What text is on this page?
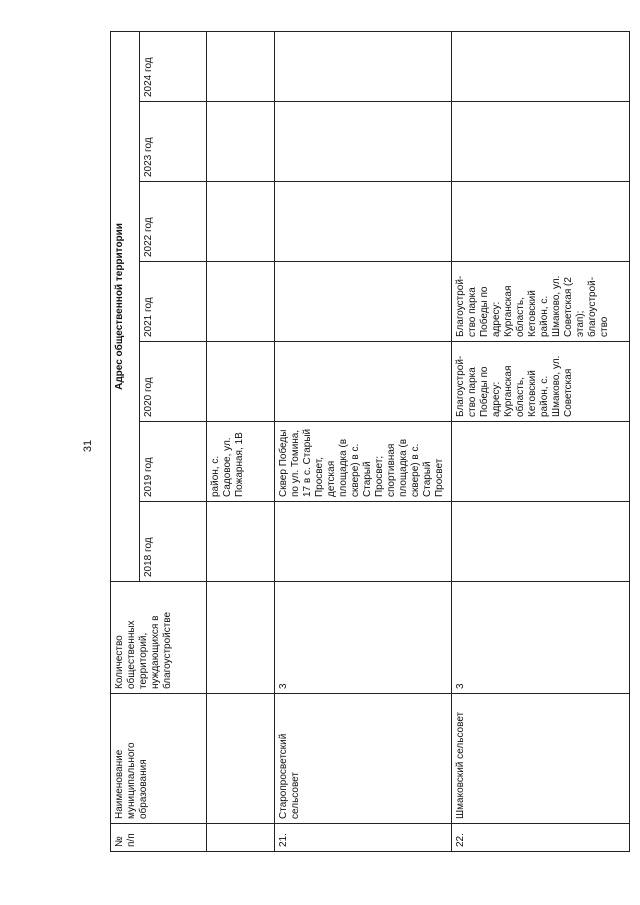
31
№ п/п	Наименование муниципального образования	Количество общественных территорий, нуждающихся в благоустройстве	Адрес общественной территории						
			2018 год	2019 год	2020 год	2021 год	2022 год	2023 год	2024 год
				район, с. Садовое, ул. Пожарная, 1В					
21.	Старопросветский сельсовет	3		Сквер Победы по ул. Томина, 17 в с. Старый Просвет, детская площадка (в сквере) в с. Старый Просвет; спортивная площадка (в сквере) в с. Старый Просвет					
22.	Шмаковский сельсовет	3			Благоустрой-ство парка Победы по адресу: Курганская область, Кетовский район, с. Шмаково, ул. Советская	Благоустрой-ство парка Победы по адресу: Курганская область, Кетовский район, с. Шмаково, ул. Советская (2 этап); благоустрой-ство			
